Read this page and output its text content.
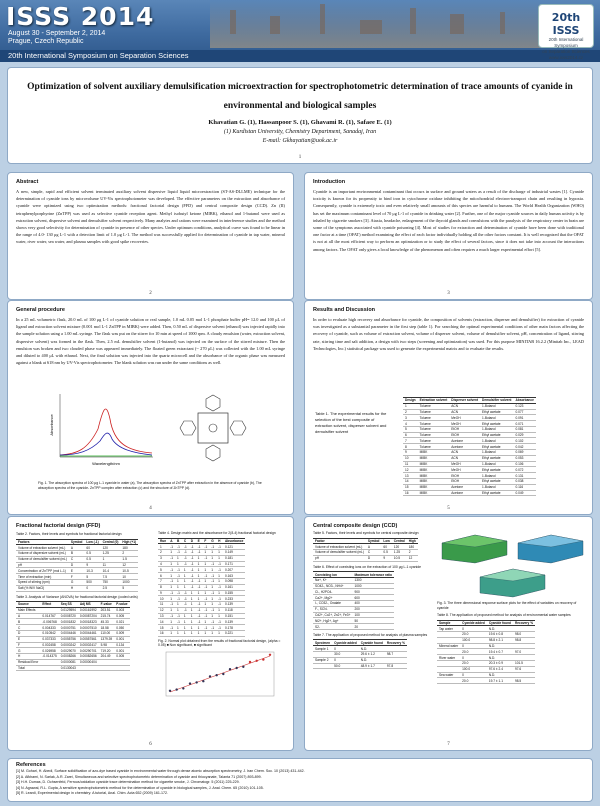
ISSS 2014
August 30 - September 2, 2014
Prague, Czech Republic
20th International Symposium on Separation Sciences
20th ISSS
20th International Symposium
on Separation Sciences
www.isss2014.cz
Optimization of solvent auxiliary demulsification microextraction for spectrophotometric determination of trace amounts of cyanide in environmental and biological samples
Khavatian G. (1), Hassanpoor S. (1), Ghavami R. (1), Safaee E. (1)
(1) Kurdistan University, Chemistry Department, Sanadaj, Iran
E-mail: Gkhayatian@uok.ac.ir
1
Abstract
A new, simple, rapid and efficient solvent terminated auxiliary solvent dispersive liquid liquid microextraction (ST-AS-DLLME) technique for the determination of cyanide ions by microvolume UV-Vis spectrophotometer was developed. The effective parameters on the extraction and absorbance of cyanide were optimized using two optimization methods: fractional factorial design (FFD) and central composite design (CCD). Zn (II) tetraphenylporphyrine (ZnTPP) was used as selective cyanide reception agent. Methyl isobutyl ketone (MIBK), ethanol and 1-butanol were used as extraction solvent, dispersive solvent and demulsifier solvent respectively. Many analytes and cations were examined in interference studies and the method shows very good selectivity for determination of cyanide in presence of other species. Under optimum conditions, analytical curve was found to be linear in the range of 4.0- 130 μg L-1 with a detection limit of 1.0 μg L-1. The method was successfully applied for determination of cyanide in tap water, mineral water, river water, sea water, and plasma samples with good spike recoveries.
2
Introduction
Cyanide is an important environmental contaminant that occurs in surface and ground waters as a result of the discharge of industrial wastes [1]. Cyanide toxicity is known for its propensity to bind iron in cytochrome oxidase inhibiting the mitochondrial electron-transport chain and resulting in hypoxia. Consequently, cyanide is extremely toxic and even relatively small amounts of this species are harmful to humans. The World Health Organization (WHO) has set the maximum contaminant level of 70 μg L-1 of cyanide in drinking water [2]. Further, one of the major cyanide sources in daily human activity is by inhaled by cigarette smokers [3]. Ataxia, headache, enlargement of the thyroid glands and convulsions with the paralysis of the respiratory center in brain are some of the symptoms associated with cyanide poisoning [4]. Most of studies for extraction and determination of cyanide have been done with traditional one factor at a time (OFAT) method examining the effect of each factor individually holding all the other factors constant. It is well recognized that the OFAT is not at all the most efficient way to perform an optimization or to study the effect of several factors, since it does not take into account the interactions among factors. The OFAT only gives a local knowledge of the phenomenon and often requires a much larger experimental effort [5].
3
General procedure
In a 25 mL volumetric flask, 20.0 mL of 100 μg L-1 of cyanide solution or real sample, 1.0 mL 0.05 mol L-1 phosphate buffer pH= 12.0 and 100 μL of ligand and extraction solvent mixture (0.001 mol L-1 ZnTPP in MIBK) were added. Then, 0.50 mL of dispersive solvent (ethanol) was injected rapidly into the sample solution using a 1.00 mL syringe. The flask was put on the stirrer for 10 min at speed of 1000 rpm. A cloudy emulsion (water, extraction solvent, dispersive solvent) was formed in the flask. Then, 2.5 mL demulsifier solvent (1-butanol) was injected on the surface of the stirred mixture. Then the emulsion was broken and two clouded phase was appeared immediately. The floated green extractant (~ 270 μL) was collected with the 1.00 mL syringe and diluted to 400 μL with ethanol. Next, the final solution was injected into the quartz microcell and the absorbance of the organic phase was measured against a blank at 618 nm by UV-Vis spectrophotometer. The blank solution was run under the same conditions as well.
Wavelength/nm
Absorbance
Fig. 1. The absorption spectra of 100 μg L-1 cyanide in water (a), The absorption spectra of ZnTPP after extraction in the absence of cyanide (b), The absorption spectra of the cyanide- ZnTPP complex after extraction (c) and the structure of ZnTPP (d).
4
Results and Discussion
In order to evaluate high recovery and absorbance for cyanide, the composition of solvents (extraction, disperser and demulsifier) for extraction of cyanide was investigated as a substantial parameter in the first step (table 1). For searching the optimal experimental conditions of other main factors affecting the recovery of cyanide, such as volume of extraction solvent, volume of disperser solvent, volume of demulsifier solvent, pH, concentration of ligand, stirring rate, stirring time and salt addition, a design with two steps (screening and optimization) was used. For this purpose MINITAB 16.2.2 (Minitab Inc., LEAD Technologies, Inc.) statistical package was used to generate the experimental matrix and to evaluate the results.
Table 1. The experimental results for the selection of the best composite of extraction solvent, disperser solvent and demulsifier solvent
Design	Extraction solvent	Disperser solvent	Demulsifier solvent	Absorbance
1	Toluene	ACN	1-Butanol	0.123
2	Toluene	ACN	Ethyl acetate	0.077
3	Toluene	MeOH	1-Butanol	0.091
4	Toluene	MeOH	Ethyl acetate	0.071
5	Toluene	EtOH	1-Butanol	0.081
6	Toluene	EtOH	Ethyl acetate	0.029
7	Toluene	Acetone	1-Butanol	0.102
8	Toluene	Acetone	Ethyl acetate	0.042
9	MIBK	ACN	1-Butanol	0.069
10	MIBK	ACN	Ethyl acetate	0.053
11	MIBK	MeOH	1-Butanol	0.106
12	MIBK	MeOH	Ethyl acetate	0.072
13	MIBK	EtOH	1-Butanol	0.131
14	MIBK	EtOH	Ethyl acetate	0.038
15	MIBK	Acetone	1-Butanol	0.116
16	MIBK	Acetone	Ethyl acetate	0.049
5
Fractional factorial design (FFD)
Table 2. Factors, their levels and symbols for fractional factorial design
Factors	Symbol	Low (-1)	Central (0)	High (+1)
Volume of extraction solvent (mL)	A	60	120	180
Volume of dispersive solvent (mL)	B	0.5	1.25	2
Volume of demulsifier solvent (mL)	C	0.5	1	1.5
pH	D	9	11	12
Concentration of ZnTPP (mol L-1)	E	10-3	10-4	10-5
Time of extraction (min)	F	5	7.5	10
Speed of stirring (rpm)	G	500	750	1000
Salt (% W/V NaCl)	H	0	2.5	5
Table 3. Analysis of Variance (ANOVA) for fractional factorial design (coded units)
Source	Effect	Seq SS	Adj MS	F-value	P-value
Main Effects		0.0129594	0.00161992	203.51	0.003
A	0.014767	0.0008720	0.00087204	215.74	0.005
B	-0.006768	0.0001832	0.00018323	45.33	0.021
C	0.004333	0.0000751	0.00007510	18.58	0.050
D	0.010542	0.0004446	0.00044461	110.00	0.009
E	0.037333	0.0055756	0.00557561	1379.39	0.001
F	0.002458	0.0000242	0.00002417	5.98	0.134
G	0.026958	0.0029070	0.00290701	719.20	0.001
H	-0.014375	0.0008266	0.00082656	204.49	0.005
Residual Error		0.0000081	0.00000404		
Total		0.0130043			
Table 4. Design matrix and the absorbance for 2(8-4) fractional factorial design
Run	A	B	C	D	E	F	G	H	Absorbance
1	-1	-1	-1	-1	-1	-1	-1	-1	0.121
2	1	-1	-1	-1	-1	1	1	1	0.149
3	-1	1	-1	-1	1	-1	1	1	0.181
4	1	1	-1	-1	1	1	-1	-1	0.171
5	-1	-1	1	-1	1	1	1	-1	0.207
6	1	-1	1	-1	1	-1	-1	1	0.163
7	-1	1	1	-1	-1	1	-1	1	0.098
8	1	1	1	-1	-1	-1	1	-1	0.161
9	-1	-1	-1	1	1	1	-1	1	0.155
10	1	-1	-1	1	1	-1	1	-1	0.233
11	-1	1	-1	1	-1	1	1	-1	0.139
12	1	1	-1	1	-1	-1	-1	1	0.118
13	-1	-1	1	1	-1	-1	1	1	0.151
14	1	-1	1	1	-1	1	-1	-1	0.139
15	-1	1	1	1	1	-1	-1	-1	0.178
16	1	1	1	1	1	1	1	1	0.221
Fig. 2. Normal plot obtained from the results of fractional factorial design, (alpha = 0.05) ■ Non significant, ■ significant
6
Central composite design (CCD)
Table 5. Factors, their levels and symbols for central composite design
Factor	Symbol	Low	Central	High
Volume of extraction solvent (mL)	A	60	120	180
Volume of demulsifier solvent (mL)	C	0.5	1.25	2
pH	D	9	10.5	12
Table 6. Effect of coexisting ions on the extraction of 100 μg L-1 cyanide
Coexisting ion	Maximum tolerance ratio
Na+, K+	1300
SO42-, NO3-, NH4+	1000
Cl-, H2PO4-	900
Ca2+, Mg2+	600
I-, CO32-, Oxalate	400
F-, SCN-	200
Cd2+, Co2+, Zn2+, Fe3+	100
Ni2+, Hg2+, Ag+	50
S2-	20
Table 7. The application of proposed method for analysis of plasma samples
Specimen	Cyanide added	Cyanide found	Recovery %
Sample 1	0	N.D.	
	30.0	29.6 ± 1.2	98.7
Sample 2	0	N.D.	
	50.0	48.9 ± 1.7	97.8
Fig. 3. The three dimensional response surface plots for the effect of variables on recovery of cyanide
Table 8. The application of proposed method for analysis of environmental water samples
Sample	Cyanide added	Cyanide found	Recovery %
Tap water	0	N.D.	
	20.0	19.6 ± 0.8	98.0
	100.0	98.8 ± 2.1	98.8
Mineral water	0	N.D.	
	20.0	19.4 ± 0.7	97.0
River water	0	N.D.	
	20.0	20.3 ± 0.9	101.5
	100.0	97.6 ± 2.4	97.6
Sea water	0	N.D.	
	20.0	19.7 ± 1.1	98.5
7
References
[1] M. Gohari, H. Abedi, Surface solidification of azo-dye based cyanide in environmental water through dense atomic absorption spectrometry, J. Iran Chem. Soc. 10 (2013) 431-442.
[2] A. Afkhami, N. Sarlak, A.R. Zarei, Simultaneous and selective spectrophotometric determination of cyanide and thiocyanate, Talanta 71 (2007) 893-899.
[3] H.H. Dumas, D. Ochsenfeld, Ferrous/oxidation cyanide trace determination method for cigarette smoke, J. Chromatogr. 5 (2011) 225-229.
[4] N. Agrawal, R.L. Gupta, A sensitive spectrophotometric method for the determination of cyanide in biological samples, J. Anal. Chem. 65 (2010) 101-105.
[5] R. Leardi, Experimental design in chemistry: A tutorial, Anal. Chim. Acta 652 (2009) 161-172.
